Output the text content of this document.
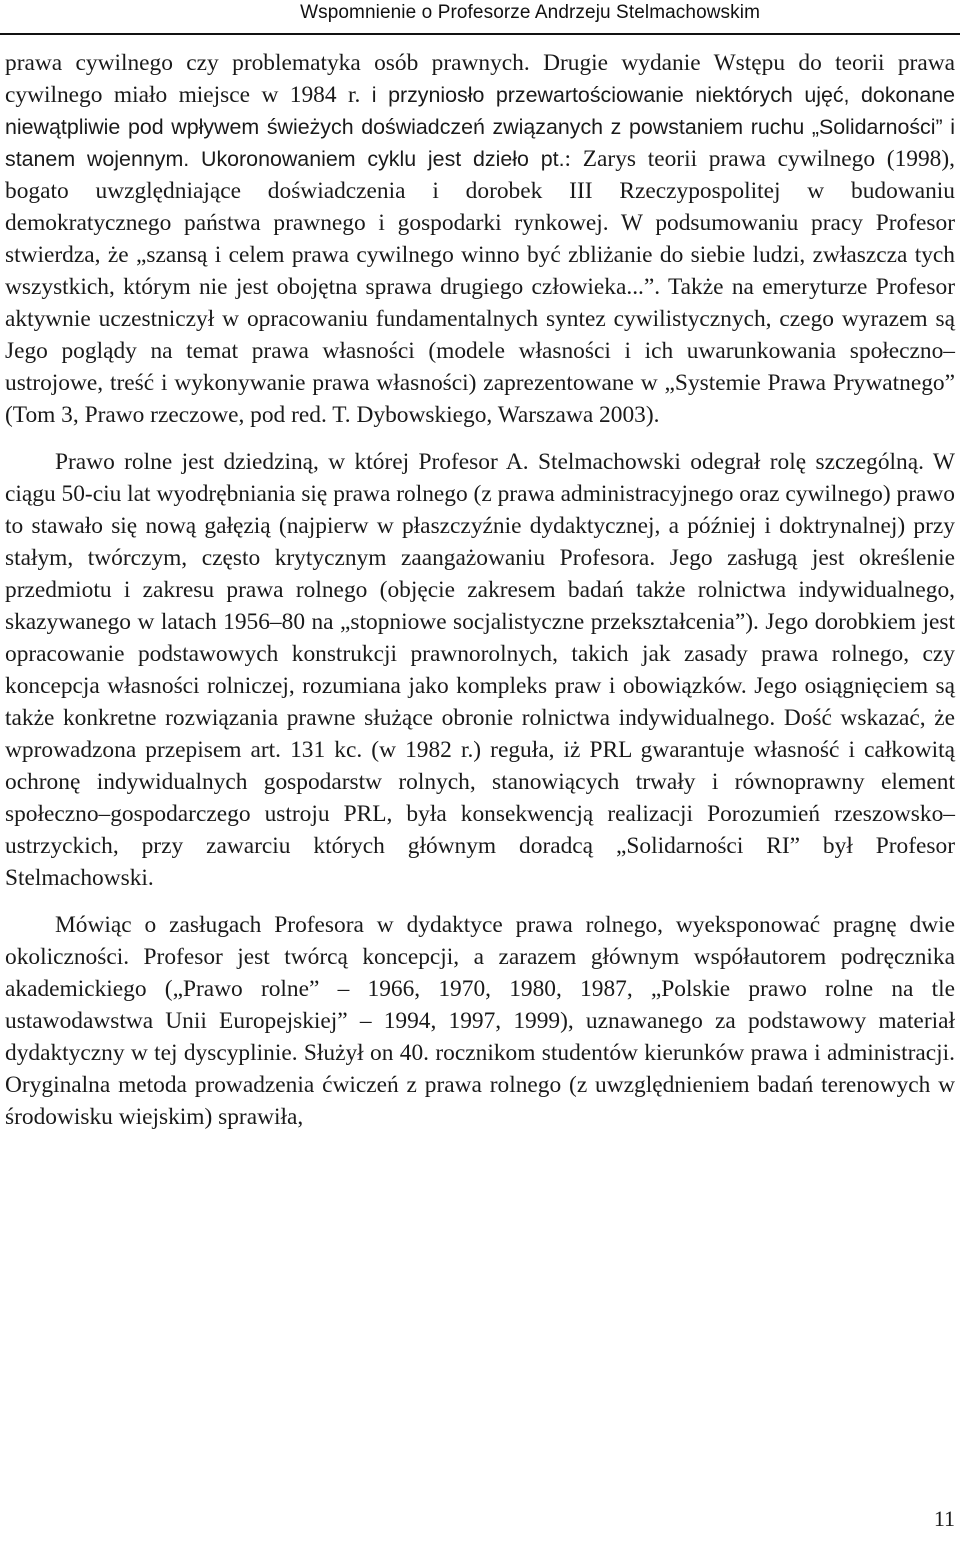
Wspomnienie o Profesorze Andrzeju Stelmachowskim

prawa cywilnego czy problematyka osób prawnych. Drugie wydanie Wstępu do teorii prawa cywilnego miało miejsce w 1984 r. i przyniosło przewartościowanie niektórych ujęć, dokonane niewątpliwie pod wpływem świeżych doświadczeń związanych z powstaniem ruchu „Solidarności” i stanem wojennym. Ukoronowaniem cyklu jest dzieło pt.: Zarys teorii prawa cywilnego (1998), bogato uwzględniające doświadczenia i dorobek III Rzeczypospolitej w budowaniu demokratycznego państwa prawnego i gospodarki rynkowej. W podsumowaniu pracy Profesor stwierdza, że „szansą i celem prawa cywilnego winno być zbliżanie do siebie ludzi, zwłaszcza tych wszystkich, którym nie jest obojętna sprawa drugiego człowieka...”. Także na emeryturze Profesor aktywnie uczestniczył w opracowaniu fundamentalnych syntez cywilistycznych, czego wyrazem są Jego poglądy na temat prawa własności (modele własności i ich uwarunkowania społeczno–ustrojowe, treść i wykonywanie prawa własności) zaprezentowane w „Systemie Prawa Prywatnego” (Tom 3, Prawo rzeczowe, pod red. T. Dybowskiego, Warszawa 2003).

Prawo rolne jest dziedziną, w której Profesor A. Stelmachowski odegrał rolę szczególną. W ciągu 50-ciu lat wyodrębniania się prawa rolnego (z prawa administracyjnego oraz cywilnego) prawo to stawało się nową gałęzią (najpierw w płaszczyźnie dydaktycznej, a później i doktrynalnej) przy stałym, twórczym, często krytycznym zaangażowaniu Profesora. Jego zasługą jest określenie przedmiotu i zakresu prawa rolnego (objęcie zakresem badań także rolnictwa indywidualnego, skazywanego w latach 1956–80 na „stopniowe socjalistyczne przekształcenia”). Jego dorobkiem jest opracowanie podstawowych konstrukcji prawnorolnych, takich jak zasady prawa rolnego, czy koncepcja własności rolniczej, rozumiana jako kompleks praw i obowiązków. Jego osiągnięciem są także konkretne rozwiązania prawne służące obronie rolnictwa indywidualnego. Dość wskazać, że wprowadzona przepisem art. 131 kc. (w 1982 r.) reguła, iż PRL gwarantuje własność i całkowitą ochronę indywidualnych gospodarstw rolnych, stanowiących trwały i równoprawny element społeczno–gospodarczego ustroju PRL, była konsekwencją realizacji Porozumień rzeszowsko–ustrzyckich, przy zawarciu których głównym doradcą „Solidarności RI” był Profesor Stelmachowski.

Mówiąc o zasługach Profesora w dydaktyce prawa rolnego, wyeksponować pragnę dwie okoliczności. Profesor jest twórcą koncepcji, a zarazem głównym współautorem podręcznika akademickiego („Prawo rolne” – 1966, 1970, 1980, 1987, „Polskie prawo rolne na tle ustawodawstwa Unii Europejskiej” – 1994, 1997, 1999), uznawanego za podstawowy materiał dydaktyczny w tej dyscyplinie. Służył on 40. rocznikom studentów kierunków prawa i administracji. Oryginalna metoda prowadzenia ćwiczeń z prawa rolnego (z uwzględnieniem badań terenowych w środowisku wiejskim) sprawiła,

11
